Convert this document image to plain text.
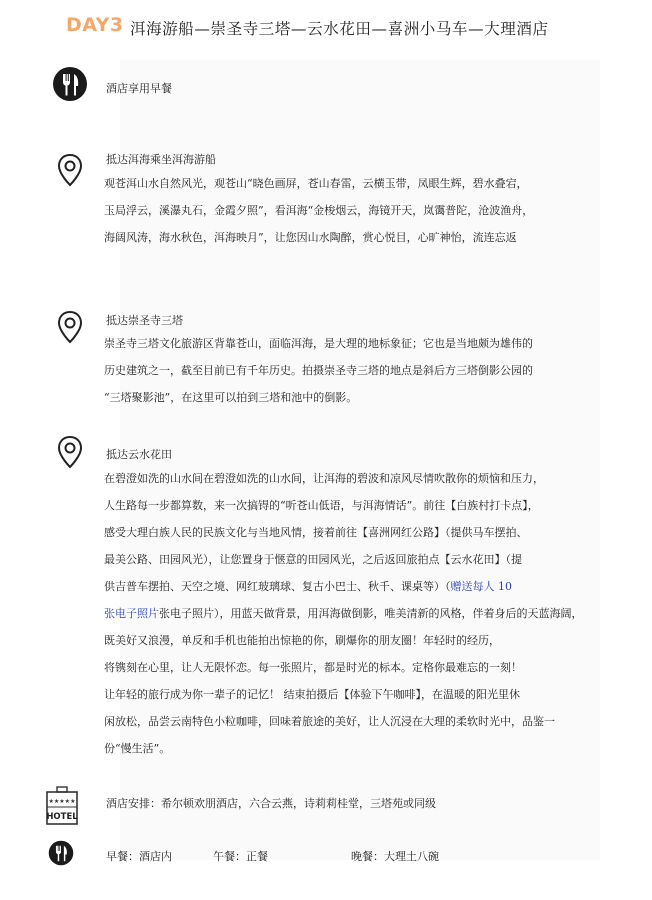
DAY3 洱海游船—崇圣寺三塔—云水花田—喜洲小马车—大理酒店
酒店享用早餐
抵达洱海乘坐洱海游船
观苍洱山水自然风光，观苍山“晓色画屏，苍山春雷，云横玉带，凤眼生辉，碧水叠宕，
玉局浮云，溪瀑丸石，金霞夕照”，看洱海“金梭烟云，海镜开天，岚霭普陀，沧波渔舟，
海阔风涛，海水秋色，洱海映月”，让您因山水陶醉，赏心悦目，心旷神怡，流连忘返
抵达崇圣寺三塔
崇圣寺三塔文化旅游区背靠苍山，面临洱海，是大理的地标象征；它也是当地颇为雄伟的
历史建筑之一，截至目前已有千年历史。拍摄崇圣寺三塔的地点是斜后方三塔倒影公园的
“三塔聚影池”，在这里可以拍到三塔和池中的倒影。
抵达云水花田
在碧澄如洗的山水间在碧澄如洗的山水间，让洱海的碧波和凉风尽情吹散你的烦恼和压力，
人生路每一步都算数，来一次搞锝的“听苍山低语，与洱海情话”。前往【白族村打卡点】，
感受大理白族人民的民族文化与当地风情，接着前往【喜洲网红公路】（提供马车摆拍、
最美公路、田园风光），让您置身于惬意的田园风光，之后返回旅拍点【云水花田】（提
供吉普车摆拍、天空之境、网红玻璃球、复古小巴士、秋千、课桌等）（赠送每人 10
张电子照片张电子照片），用蓝天做背景，用洱海做倒影，唯美清新的风格，伴着身后的天蓝海阔，
既美好又浪漫，单反和手机也能拍出惊艳的你，刷爆你的朋友圈！年轻时的经历，
将镌刻在心里，让人无限怀恋。每一张照片，都是时光的标本。定格你最难忘的一刻！
让年轻的旅行成为你一辈子的记忆！ 结束拍摄后【体验下午咖啡】，在温暖的阳光里休
闲放松，品尝云南特色小粒咖啡，回味着旅途的美好，让人沉浸在大理的柔软时光中，品鉴一
份“慢生活”。
★★★★★
HOTEL
酒店安排：希尔顿欢朋酒店，六合云燕，诗莉莉桂堂，三塔苑或同级
早餐：酒店内	午餐：正餐	晚餐：大理土八碗
